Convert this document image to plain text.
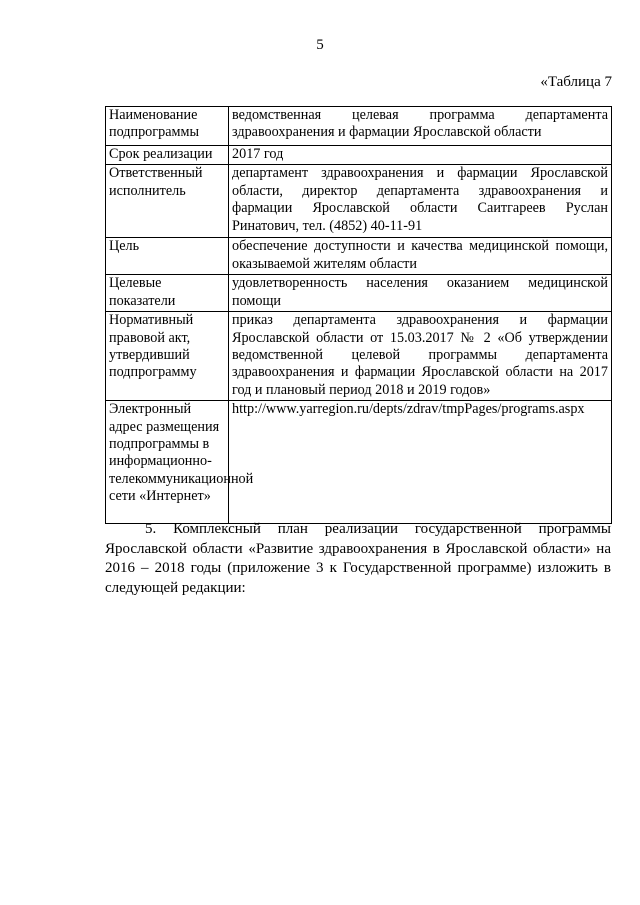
5
«Таблица 7
Наименование подпрограммы	ведомственная целевая программа департамента здравоохранения и фармации Ярославской области
Срок реализации	2017 год
Ответственный исполнитель	департамент здравоохранения и фармации Ярославской области, директор департамента здравоохранения и фармации Ярославской области Саитгареев Руслан Ринатович, тел. (4852) 40-11-91
Цель	обеспечение доступности и качества медицинской помощи, оказываемой жителям области
Целевые показатели	удовлетворенность населения оказанием медицинской помощи
Нормативный правовой акт, утвердивший подпрограмму	приказ департамента здравоохранения и фармации Ярославской области от 15.03.2017 № 2 «Об утверждении ведомственной целевой программы департамента здравоохранения и фармации Ярославской области на 2017 год и плановый период 2018 и 2019 годов»
Электронный адрес размещения подпрограммы в информационно-телекоммуникационной сети «Интернет»	http://www.yarregion.ru/depts/zdrav/tmpPages/programs.aspx

5. Комплексный план реализации государственной программы Ярославской области «Развитие здравоохранения в Ярославской области» на 2016 – 2018 годы (приложение 3 к Государственной программе) изложить в следующей редакции:
